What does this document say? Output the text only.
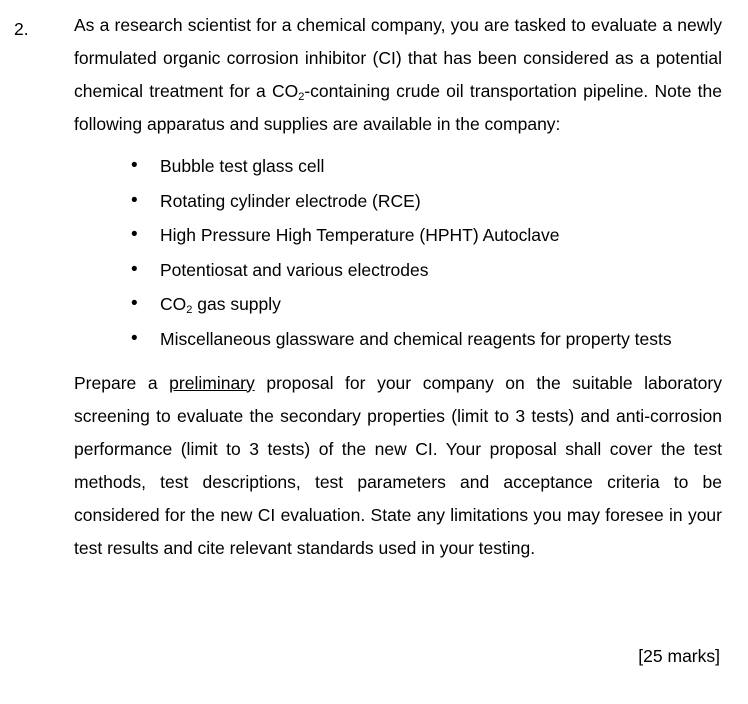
2.	As a research scientist for a chemical company, you are tasked to evaluate a newly formulated organic corrosion inhibitor (CI) that has been considered as a potential chemical treatment for a $CO_2$-containing crude oil transportation pipeline. Note the following apparatus and supplies are available in the company:

• Bubble test glass cell
• Rotating cylinder electrode (RCE)
• High Pressure High Temperature (HPHT) Autoclave
• Potentiosat and various electrodes
• $CO_2$ gas supply
• Miscellaneous glassware and chemical reagents for property tests

Prepare a preliminary proposal for your company on the suitable laboratory screening to evaluate the secondary properties (limit to 3 tests) and anti-corrosion performance (limit to 3 tests) of the new CI. Your proposal shall cover the test methods, test descriptions, test parameters and acceptance criteria to be considered for the new CI evaluation. State any limitations you may foresee in your test results and cite relevant standards used in your testing.

[25 marks]
